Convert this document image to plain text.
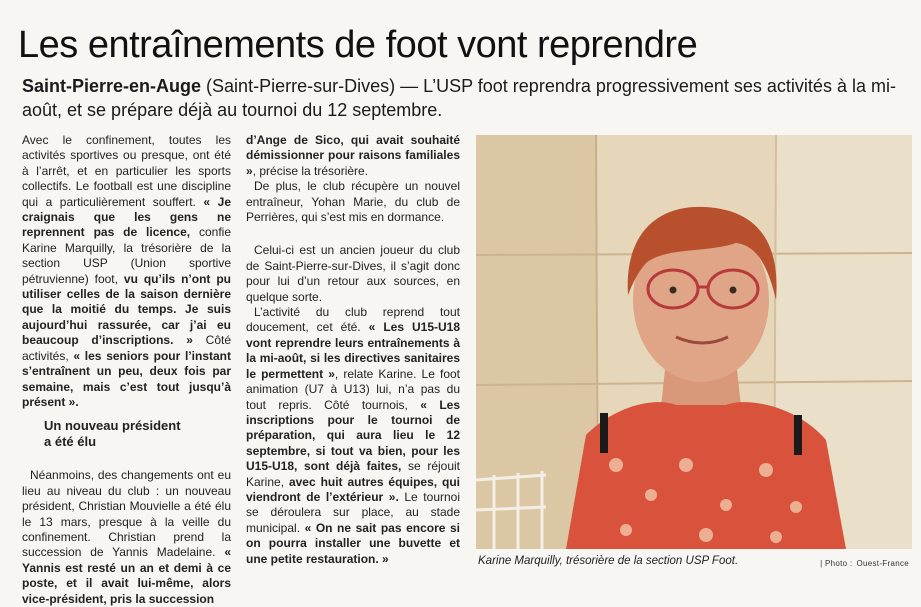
Les entraînements de foot vont reprendre
Saint-Pierre-en-Auge (Saint-Pierre-sur-Dives) — L’USP foot reprendra progressivement ses activités à la mi-août, et se prépare déjà au tournoi du 12 septembre.

Avec le confinement, toutes les activités sportives ou presque, ont été à l’arrêt, et en particulier les sports collectifs. Le football est une discipline qui a particulièrement souffert. « Je craignais que les gens ne reprennent pas de licence, confie Karine Marquilly, la trésorière de la section USP (Union sportive pétruvienne) foot, vu qu’ils n’ont pu utiliser celles de la saison dernière que la moitié du temps. Je suis aujourd’hui rassurée, car j’ai eu beaucoup d’inscriptions. » Côté activités, « les seniors pour l’instant s’entraînent un peu, deux fois par semaine, mais c’est tout jusqu’à présent ».

Un nouveau président
a été élu

Néanmoins, des changements ont eu lieu au niveau du club : un nouveau président, Christian Mouvielle a été élu le 13 mars, presque à la veille du confinement. Christian prend la succession de Yannis Madelaine. « Yannis est resté un an et demi à ce poste, et il avait lui-même, alors vice-président, pris la succession

d’Ange de Sico, qui avait souhaité démissionner pour raisons familiales », précise la trésorière.

De plus, le club récupère un nouvel entraîneur, Yohan Marie, du club de Perrières, qui s’est mis en dormance.

Celui-ci est un ancien joueur du club de Saint-Pierre-sur-Dives, il s’agit donc pour lui d’un retour aux sources, en quelque sorte.

L’activité du club reprend tout doucement, cet été. « Les U15-U18 vont reprendre leurs entraînements à la mi-août, si les directives sanitaires le permettent », relate Karine. Le foot animation (U7 à U13) lui, n’a pas du tout repris. Côté tournois, « Les inscriptions pour le tournoi de préparation, qui aura lieu le 12 septembre, si tout va bien, pour les U15-U18, sont déjà faites, se réjouit Karine, avec huit autres équipes, qui viendront de l’extérieur ». Le tournoi se déroulera sur place, au stade municipal. « On ne sait pas encore si on pourra installer une buvette et une petite restauration. »	Karine Marquilly, trésorière de la section USP Foot.	| Photo : Ouest-France
